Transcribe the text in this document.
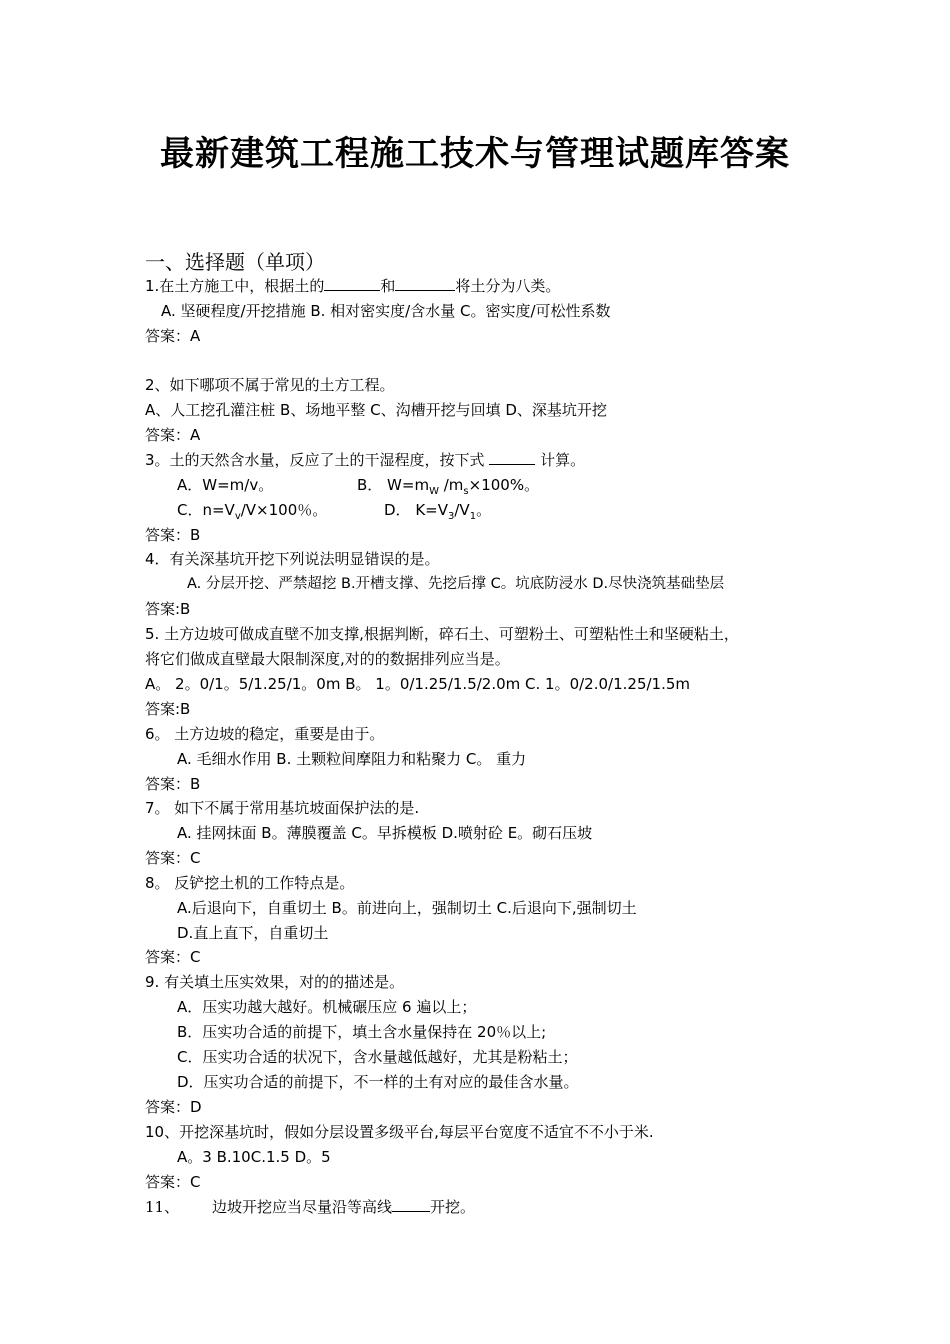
最新建筑工程施工技术与管理试题库答案
一、选择题（单项）
1.在土方施工中，根据土的	和	将土分为八类。
A. 坚硬程度/开挖措施 B. 相对密实度/含水量 C。密实度/可松性系数
答案：A
2、如下哪项不属于常见的土方工程。
A、人工挖孔灌注桩 B、场地平整 C、沟槽开挖与回填 D、深基坑开挖
答案：A
3。土的天然含水量，反应了土的干湿程度，按下式	计算。
A．W=m/v。	B． $W=m_W$ $/m_s\times 100\%$。
C．$n=V_v/V\times 100$％。	D． $K=V_3/V_1$。
答案：B
4．有关深基坑开挖下列说法明显错误的是。
A. 分层开挖、严禁超挖 B.开槽支撑、先挖后撑 C。坑底防浸水 D.尽快浇筑基础垫层
答案:B
5. 土方边坡可做成直壁不加支撑,根据判断，碎石土、可塑粉土、可塑粘性土和坚硬粘土，
将它们做成直壁最大限制深度,对的的数据排列应当是。
A。 2。0/1。5/1.25/1。0m B。 1。0/1.25/1.5/2.0m C. 1。0/2.0/1.25/1.5m
答案:B
6。 土方边坡的稳定，重要是由于。
A. 毛细水作用 B. 土颗粒间摩阻力和粘聚力 C。 重力
答案：B
7。 如下不属于常用基坑坡面保护法的是.
A. 挂网抹面 B。薄膜覆盖 C。早拆模板 D.喷射砼 E。砌石压坡
答案：C
8。 反铲挖土机的工作特点是。
A.后退向下，自重切土 B。前进向上，强制切土 C.后退向下,强制切土
D.直上直下，自重切土
答案：C
9. 有关填土压实效果，对的的描述是。
A．压实功越大越好。机械碾压应 6 遍以上；
B．压实功合适的前提下，填土含水量保持在 20％以上;
C．压实功合适的状况下，含水量越低越好，尤其是粉粘土；
D．压实功合适的前提下，不一样的土有对应的最佳含水量。
答案：D
10、开挖深基坑时，假如分层设置多级平台,每层平台宽度不适宜不不小于米.
A。3 B.10C.1.5 D。5
答案：C
11、 边坡开挖应当尽量沿等高线	开挖。
